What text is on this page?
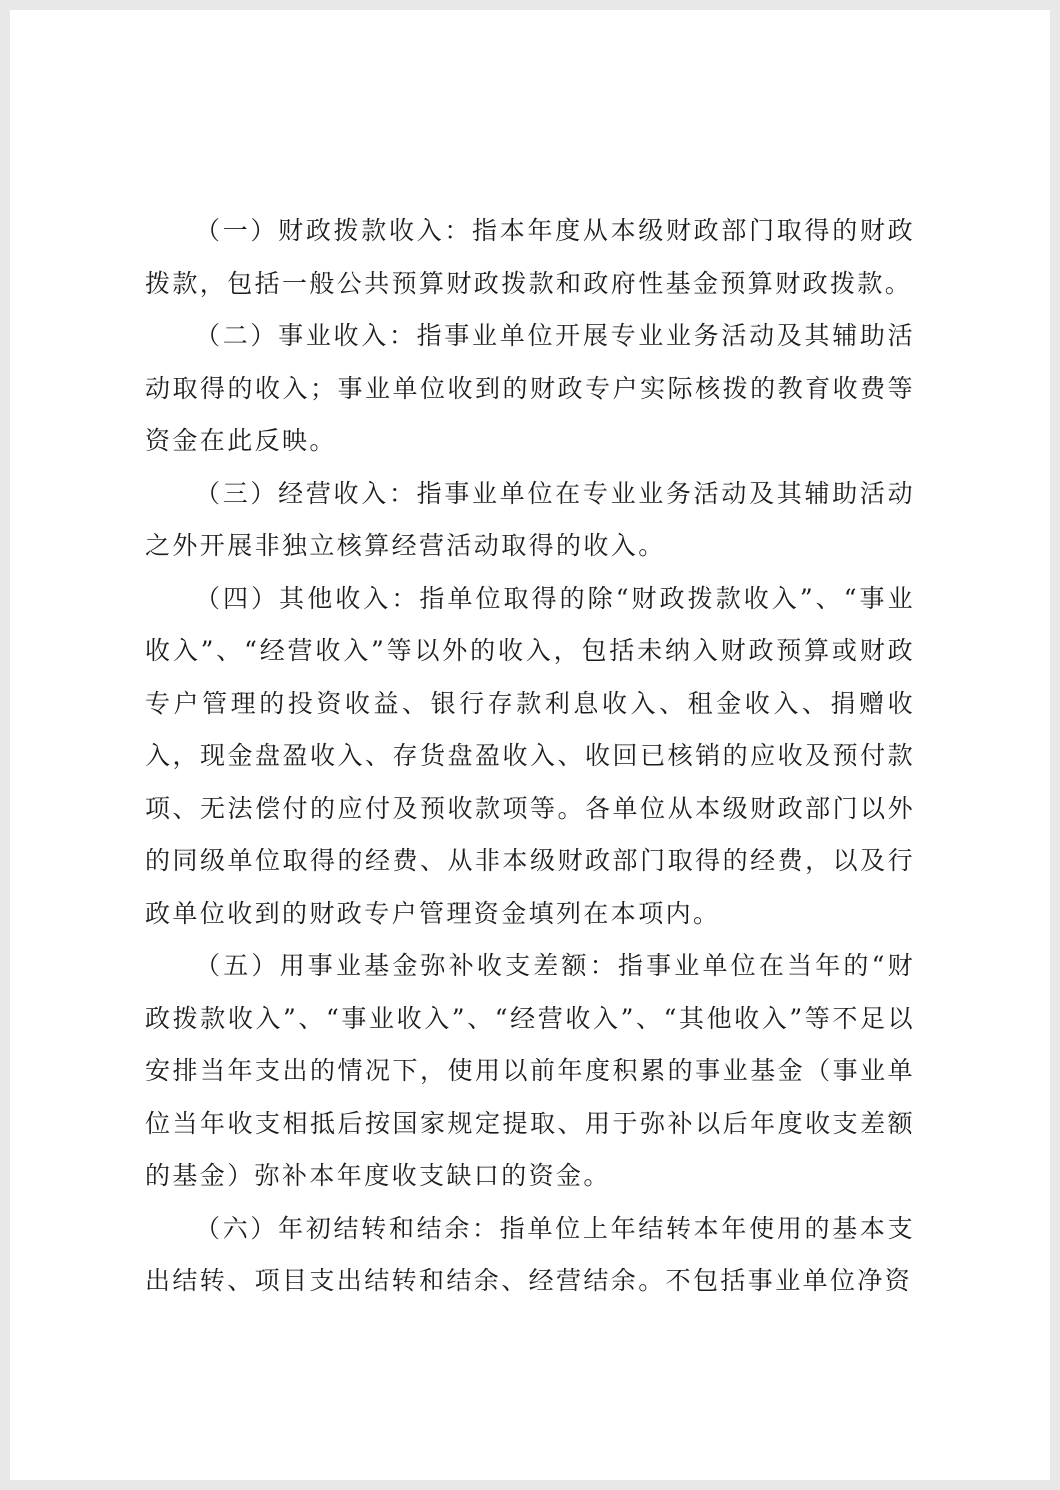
（一）财政拨款收入：指本年度从本级财政部门取得的财政拨款，包括一般公共预算财政拨款和政府性基金预算财政拨款。

（二）事业收入：指事业单位开展专业业务活动及其辅助活动取得的收入；事业单位收到的财政专户实际核拨的教育收费等资金在此反映。

（三）经营收入：指事业单位在专业业务活动及其辅助活动之外开展非独立核算经营活动取得的收入。

（四）其他收入：指单位取得的除“财政拨款收入”、“事业收入”、“经营收入”等以外的收入，包括未纳入财政预算或财政专户管理的投资收益、银行存款利息收入、租金收入、捐赠收入，现金盘盈收入、存货盘盈收入、收回已核销的应收及预付款项、无法偿付的应付及预收款项等。各单位从本级财政部门以外的同级单位取得的经费、从非本级财政部门取得的经费，以及行政单位收到的财政专户管理资金填列在本项内。

（五）用事业基金弥补收支差额：指事业单位在当年的“财政拨款收入”、“事业收入”、“经营收入”、“其他收入”等不足以安排当年支出的情况下，使用以前年度积累的事业基金（事业单位当年收支相抵后按国家规定提取、用于弥补以后年度收支差额的基金）弥补本年度收支缺口的资金。

（六）年初结转和结余：指单位上年结转本年使用的基本支出结转、项目支出结转和结余、经营结余。不包括事业单位净资
